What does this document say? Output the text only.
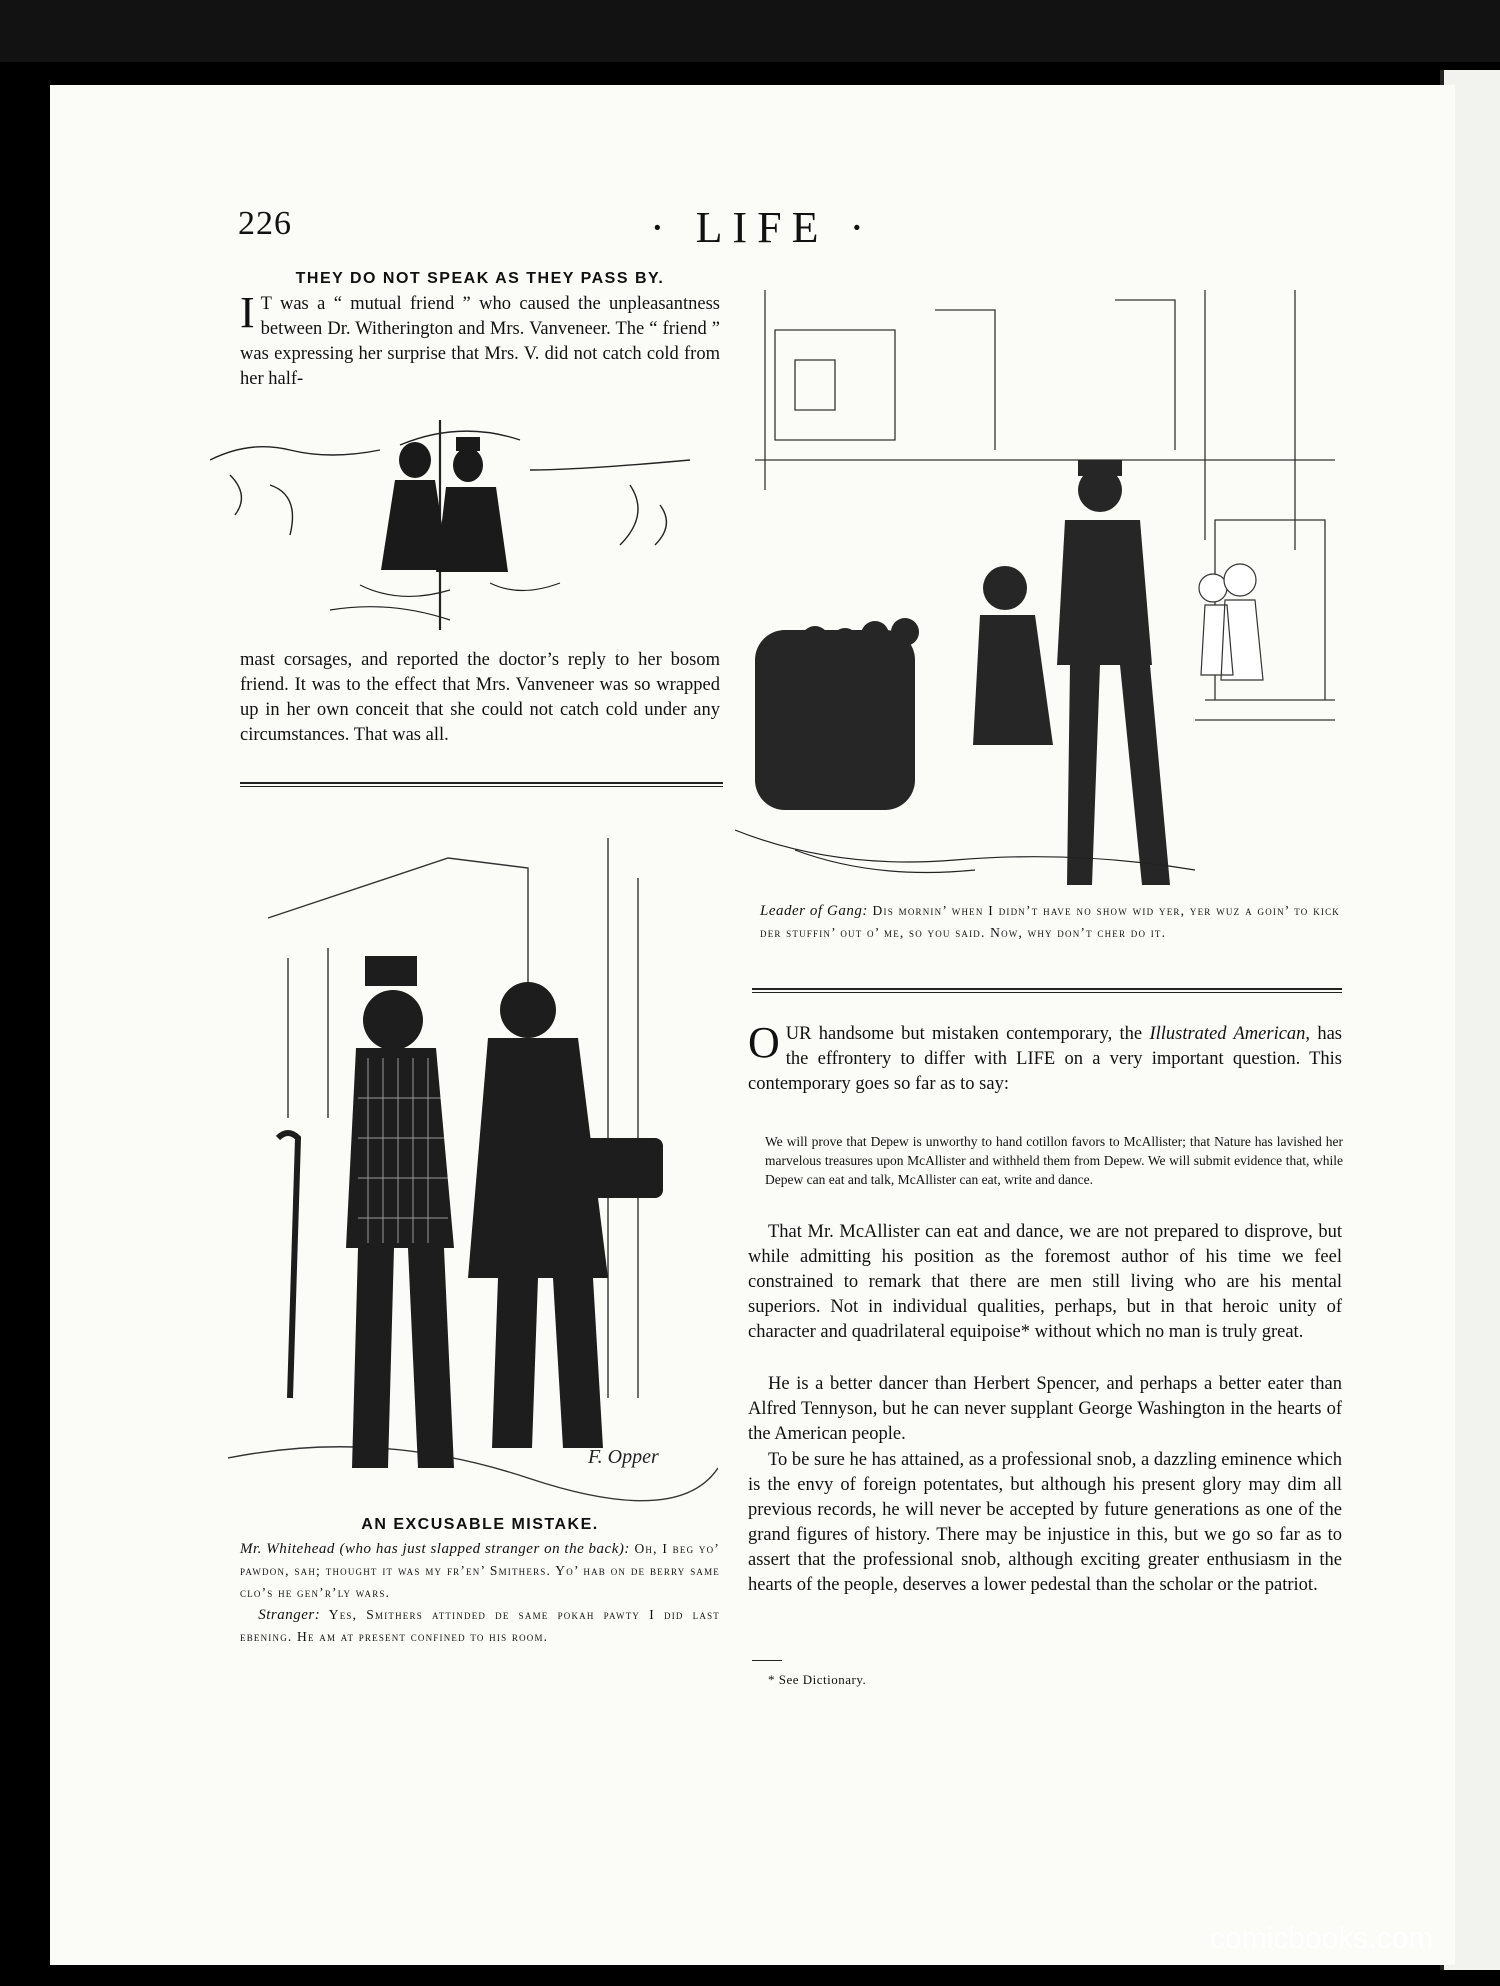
226	· LIFE ·
THEY DO NOT SPEAK AS THEY PASS BY.
I T was a “ mutual friend ” who caused the unpleasantness between Dr. Witherington and Mrs. Vanveneer. The “ friend ” was expressing her surprise that Mrs. V. did not catch cold from her half-
mast corsages, and reported the doctor’s reply to her bosom friend. It was to the effect that Mrs. Vanveneer was so wrapped up in her own conceit that she could not catch cold under any circumstances. That was all.
Leader of Gang: Dis mornin’ when I didn’t have no show wid yer, yer wuz a goin’ to kick der stuffin’ out o’ me, so you said. Now, why don’t cher do it.
F. Opper
AN EXCUSABLE MISTAKE.
Mr. Whitehead (who has just slapped stranger on the back): Oh, I beg yo’ pawdon, sah; thought it was my fr’en’ Smithers. Yo’ hab on de berry same clo’s he gen’r’ly wars.
Stranger: Yes, Smithers attinded de same pokah pawty I did last ebening. He am at present confined to his room.
OUR handsome but mistaken contemporary, the Illustrated American, has the effrontery to differ with LIFE on a very important question. This contemporary goes so far as to say:
We will prove that Depew is unworthy to hand cotillon favors to McAllister; that Nature has lavished her marvelous treasures upon McAllister and withheld them from Depew. We will submit evidence that, while Depew can eat and talk, McAllister can eat, write and dance.
That Mr. McAllister can eat and dance, we are not prepared to disprove, but while admitting his position as the foremost author of his time we feel constrained to remark that there are men still living who are his mental superiors. Not in individual qualities, perhaps, but in that heroic unity of character and quadrilateral equipoise* without which no man is truly great.
He is a better dancer than Herbert Spencer, and perhaps a better eater than Alfred Tennyson, but he can never supplant George Washington in the hearts of the American people.
To be sure he has attained, as a professional snob, a dazzling eminence which is the envy of foreign potentates, but although his present glory may dim all previous records, he will never be accepted by future generations as one of the grand figures of history. There may be injustice in this, but we go so far as to assert that the professional snob, although exciting greater enthusiasm in the hearts of the people, deserves a lower pedestal than the scholar or the patriot.
* See Dictionary.
comicbooks.com
